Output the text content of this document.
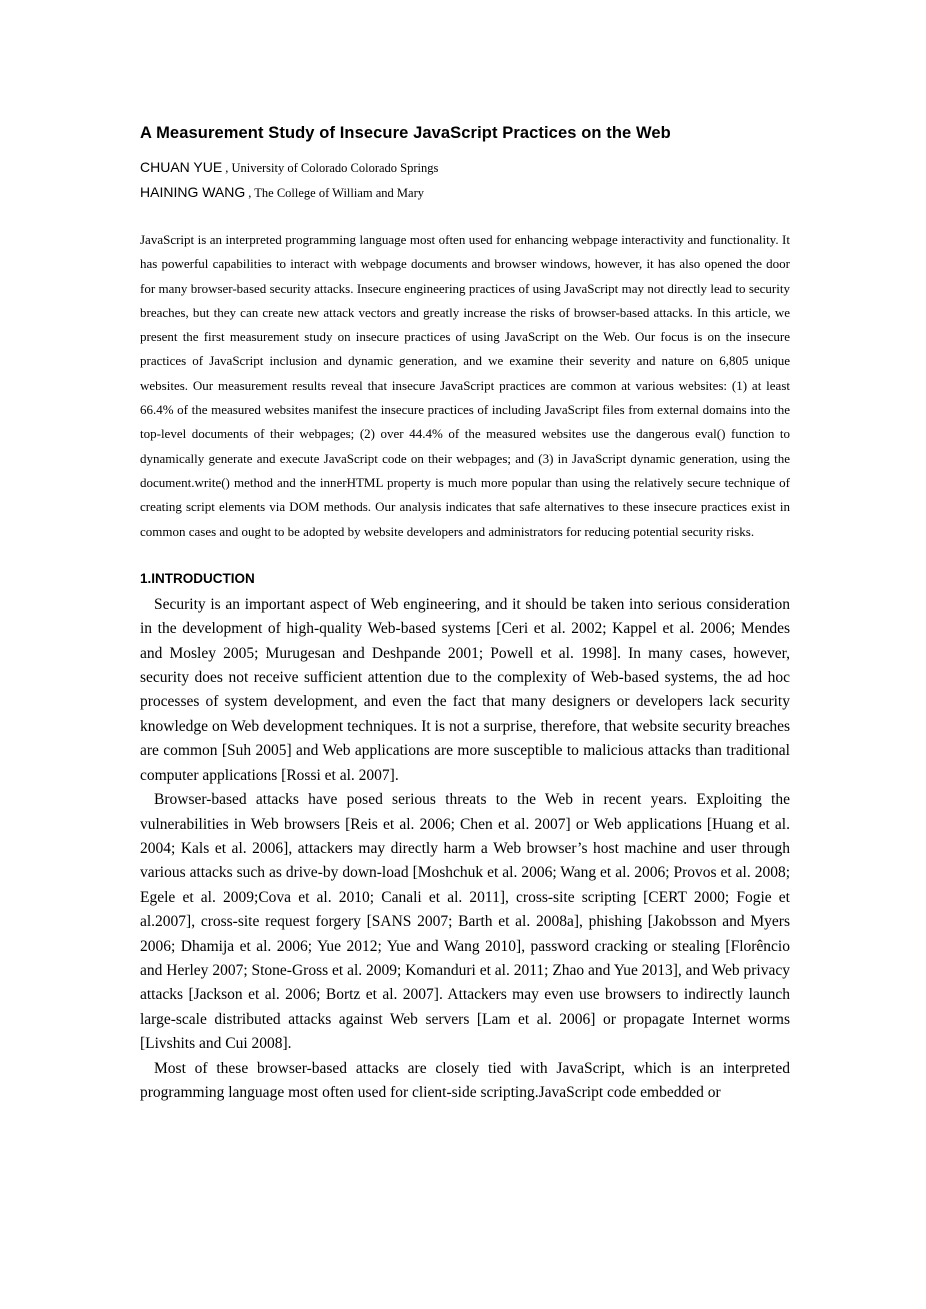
A Measurement Study of Insecure JavaScript Practices on the Web
CHUAN YUE , University of Colorado Colorado Springs
HAINING WANG , The College of William and Mary

JavaScript is an interpreted programming language most often used for enhancing webpage interactivity and functionality. It has powerful capabilities to interact with webpage documents and browser windows, however, it has also opened the door for many browser-based security attacks. Insecure engineering practices of using JavaScript may not directly lead to security breaches, but they can create new attack vectors and greatly increase the risks of browser-based attacks. In this article, we present the first measurement study on insecure practices of using JavaScript on the Web. Our focus is on the insecure practices of JavaScript inclusion and dynamic generation, and we examine their severity and nature on 6,805 unique websites. Our measurement results reveal that insecure JavaScript practices are common at various websites: (1) at least 66.4% of the measured websites manifest the insecure practices of including JavaScript files from external domains into the top-level documents of their webpages; (2) over 44.4% of the measured websites use the dangerous eval() function to dynamically generate and execute JavaScript code on their webpages; and (3) in JavaScript dynamic generation, using the document.write() method and the innerHTML property is much more popular than using the relatively secure technique of creating script elements via DOM methods. Our analysis indicates that safe alternatives to these insecure practices exist in common cases and ought to be adopted by website developers and administrators for reducing potential security risks.

1.INTRODUCTION

Security is an important aspect of Web engineering, and it should be taken into serious consideration in the development of high-quality Web-based systems [Ceri et al. 2002; Kappel et al. 2006; Mendes and Mosley 2005; Murugesan and Deshpande 2001; Powell et al. 1998]. In many cases, however, security does not receive sufficient attention due to the complexity of Web-based systems, the ad hoc processes of system development, and even the fact that many designers or developers lack security knowledge on Web development techniques. It is not a surprise, therefore, that website security breaches are common [Suh 2005] and Web applications are more susceptible to malicious attacks than traditional computer applications [Rossi et al. 2007].

Browser-based attacks have posed serious threats to the Web in recent years. Exploiting the vulnerabilities in Web browsers [Reis et al. 2006; Chen et al. 2007] or Web applications [Huang et al. 2004; Kals et al. 2006], attackers may directly harm a Web browser’s host machine and user through various attacks such as drive-by down-load [Moshchuk et al. 2006; Wang et al. 2006; Provos et al. 2008; Egele et al. 2009;Cova et al. 2010; Canali et al. 2011], cross-site scripting [CERT 2000; Fogie et al.2007], cross-site request forgery [SANS 2007; Barth et al. 2008a], phishing [Jakobsson and Myers 2006; Dhamija et al. 2006; Yue 2012; Yue and Wang 2010], password cracking or stealing [Florêncio and Herley 2007; Stone-Gross et al. 2009; Komanduri et al. 2011; Zhao and Yue 2013], and Web privacy attacks [Jackson et al. 2006; Bortz et al. 2007]. Attackers may even use browsers to indirectly launch large-scale distributed attacks against Web servers [Lam et al. 2006] or propagate Internet worms [Livshits and Cui 2008].

Most of these browser-based attacks are closely tied with JavaScript, which is an interpreted programming language most often used for client-side scripting.JavaScript code embedded or
